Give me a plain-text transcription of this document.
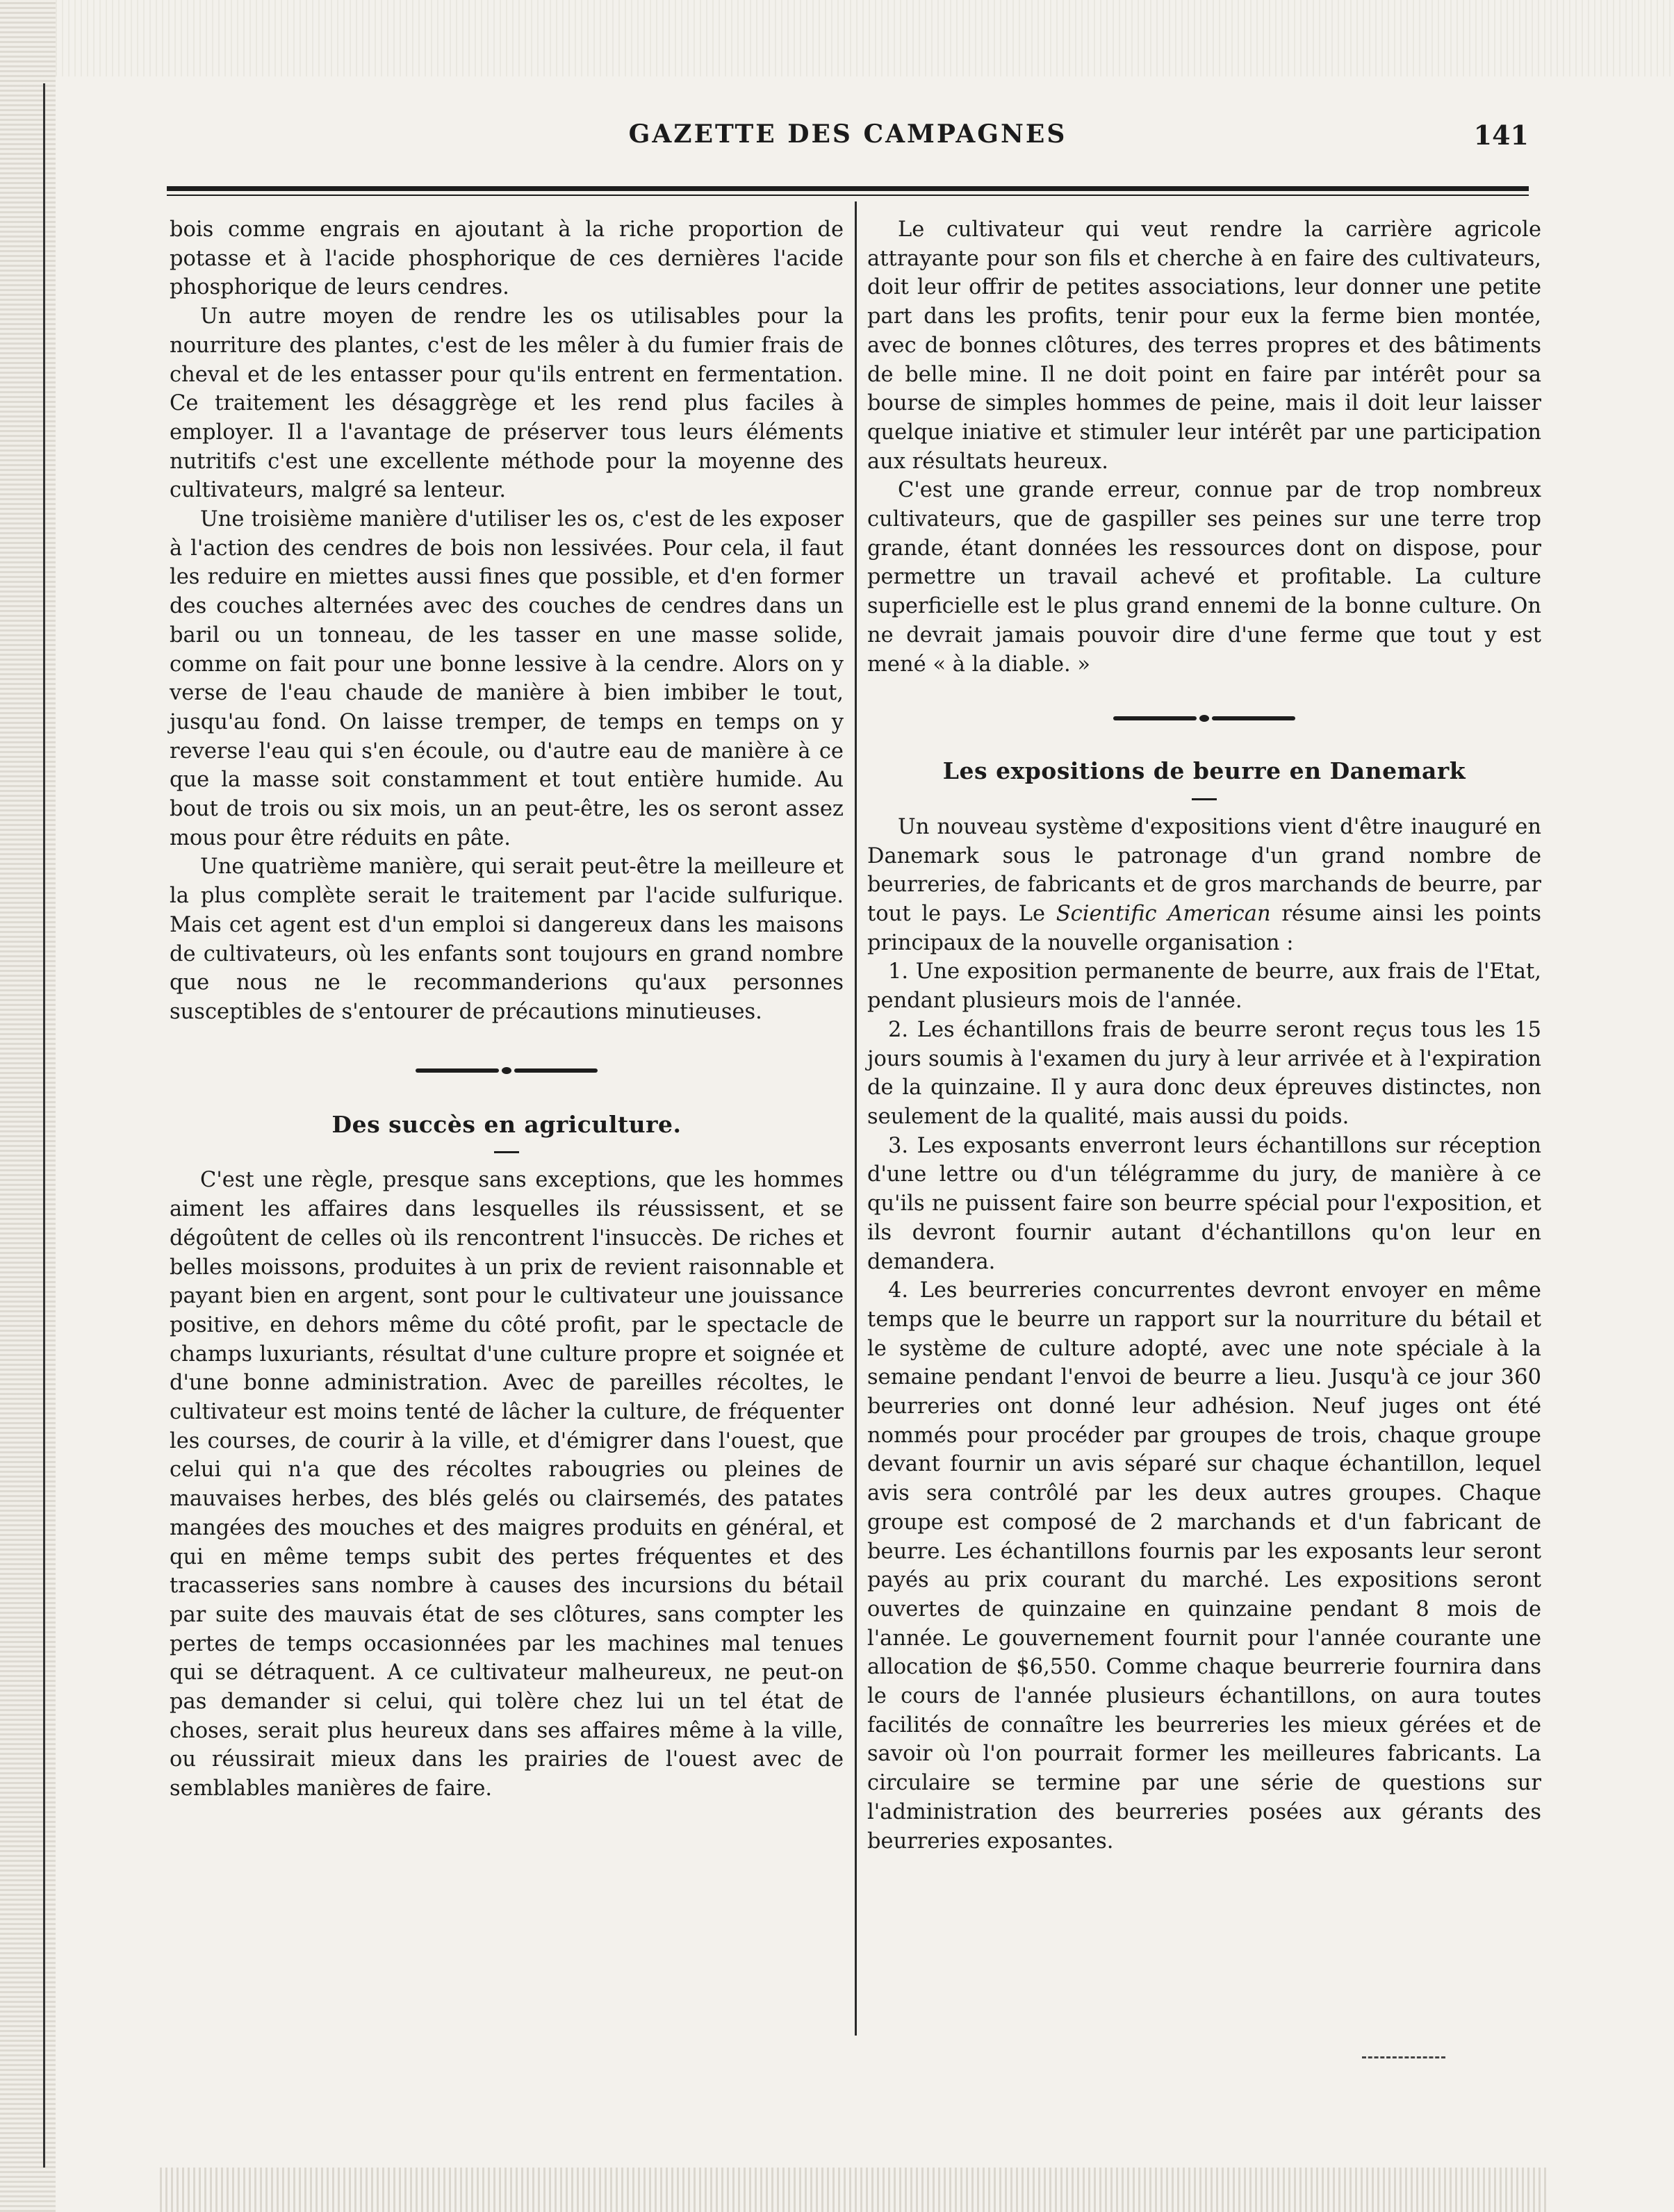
GAZETTE DES CAMPAGNES	141

bois comme engrais en ajoutant à la riche proportion de potasse et à l'acide phosphorique de ces dernières l'acide phosphorique de leurs cendres.

Un autre moyen de rendre les os utilisables pour la nourriture des plantes, c'est de les mêler à du fumier frais de cheval et de les entasser pour qu'ils entrent en fermentation. Ce traitement les désaggrège et les rend plus faciles à employer. Il a l'avantage de préserver tous leurs éléments nutritifs c'est une excellente méthode pour la moyenne des cultivateurs, malgré sa lenteur.

Une troisième manière d'utiliser les os, c'est de les exposer à l'action des cendres de bois non lessivées. Pour cela, il faut les reduire en miettes aussi fines que possible, et d'en former des couches alternées avec des couches de cendres dans un baril ou un tonneau, de les tasser en une masse solide, comme on fait pour une bonne lessive à la cendre. Alors on y verse de l'eau chaude de manière à bien imbiber le tout, jusqu'au fond. On laisse tremper, de temps en temps on y reverse l'eau qui s'en écoule, ou d'autre eau de manière à ce que la masse soit constamment et tout entière humide. Au bout de trois ou six mois, un an peut-être, les os seront assez mous pour être réduits en pâte.

Une quatrième manière, qui serait peut-être la meilleure et la plus complète serait le traitement par l'acide sulfurique. Mais cet agent est d'un emploi si dangereux dans les maisons de cultivateurs, où les enfants sont toujours en grand nombre que nous ne le recommanderions qu'aux personnes susceptibles de s'entourer de précautions minutieuses.

Des succès en agriculture.

C'est une règle, presque sans exceptions, que les hommes aiment les affaires dans lesquelles ils réussissent, et se dégoûtent de celles où ils rencontrent l'insuccès. De riches et belles moissons, produites à un prix de revient raisonnable et payant bien en argent, sont pour le cultivateur une jouissance positive, en dehors même du côté profit, par le spectacle de champs luxuriants, résultat d'une culture propre et soignée et d'une bonne administration. Avec de pareilles récoltes, le cultivateur est moins tenté de lâcher la culture, de fréquenter les courses, de courir à la ville, et d'émigrer dans l'ouest, que celui qui n'a que des récoltes rabougries ou pleines de mauvaises herbes, des blés gelés ou clairsemés, des patates mangées des mouches et des maigres produits en général, et qui en même temps subit des pertes fréquentes et des tracasseries sans nombre à causes des incursions du bétail par suite des mauvais état de ses clôtures, sans compter les pertes de temps occasionnées par les machines mal tenues qui se détraquent. A ce cultivateur malheureux, ne peut-on pas demander si celui, qui tolère chez lui un tel état de choses, serait plus heureux dans ses affaires même à la ville, ou réussirait mieux dans les prairies de l'ouest avec de semblables manières de faire.

Le cultivateur qui veut rendre la carrière agricole attrayante pour son fils et cherche à en faire des cultivateurs, doit leur offrir de petites associations, leur donner une petite part dans les profits, tenir pour eux la ferme bien montée, avec de bonnes clôtures, des terres propres et des bâtiments de belle mine. Il ne doit point en faire par intérêt pour sa bourse de simples hommes de peine, mais il doit leur laisser quelque iniative et stimuler leur intérêt par une participation aux résultats heureux.

C'est une grande erreur, connue par de trop nombreux cultivateurs, que de gaspiller ses peines sur une terre trop grande, étant données les ressources dont on dispose, pour permettre un travail achevé et profitable. La culture superficielle est le plus grand ennemi de la bonne culture. On ne devrait jamais pouvoir dire d'une ferme que tout y est mené « à la diable. »

Les expositions de beurre en Danemark

Un nouveau système d'expositions vient d'être inauguré en Danemark sous le patronage d'un grand nombre de beurreries, de fabricants et de gros marchands de beurre, par tout le pays. Le Scientific American résume ainsi les points principaux de la nouvelle organisation :

1. Une exposition permanente de beurre, aux frais de l'Etat, pendant plusieurs mois de l'année.

2. Les échantillons frais de beurre seront reçus tous les 15 jours soumis à l'examen du jury à leur arrivée et à l'expiration de la quinzaine. Il y aura donc deux épreuves distinctes, non seulement de la qualité, mais aussi du poids.

3. Les exposants enverront leurs échantillons sur réception d'une lettre ou d'un télégramme du jury, de manière à ce qu'ils ne puissent faire son beurre spécial pour l'exposition, et ils devront fournir autant d'échantillons qu'on leur en demandera.

4. Les beurreries concurrentes devront envoyer en même temps que le beurre un rapport sur la nourriture du bétail et le système de culture adopté, avec une note spéciale à la semaine pendant l'envoi de beurre a lieu. Jusqu'à ce jour 360 beurreries ont donné leur adhésion. Neuf juges ont été nommés pour procéder par groupes de trois, chaque groupe devant fournir un avis séparé sur chaque échantillon, lequel avis sera contrôlé par les deux autres groupes. Chaque groupe est composé de 2 marchands et d'un fabricant de beurre. Les échantillons fournis par les exposants leur seront payés au prix courant du marché. Les expositions seront ouvertes de quinzaine en quinzaine pendant 8 mois de l'année. Le gouvernement fournit pour l'année courante une allocation de $6,550. Comme chaque beurrerie fournira dans le cours de l'année plusieurs échantillons, on aura toutes facilités de connaître les beurreries les mieux gérées et de savoir où l'on pourrait former les meilleures fabricants. La circulaire se termine par une série de questions sur l'administration des beurreries posées aux gérants des beurreries exposantes.
